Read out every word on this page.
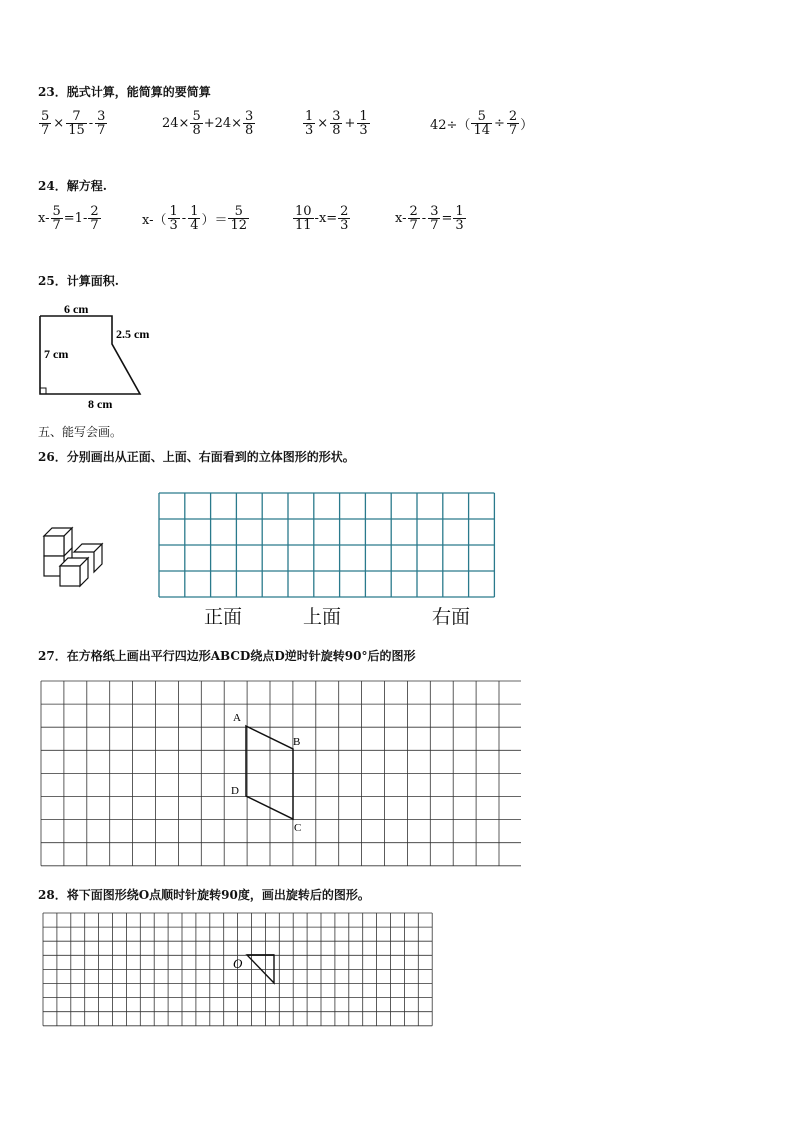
23．脱式计算，能简算的要简算
$\frac{5}{7} \times \frac{7}{15} - \frac{3}{7}$	$24\times \frac{5}{8} +24\times \frac{3}{8}$	$\frac{1}{3} \times \frac{3}{8} + \frac{1}{3}$	$42\div( \frac{5}{14} \div \frac{2}{7}$ ）
24．解方程.
$x- \frac{5}{7} =1- \frac{2}{7}$	$x-( \frac{1}{3} - \frac{1}{4}$ ）＝ $\frac{5}{12}$	$\frac{10}{11} -x= \frac{2}{3}$	$x- \frac{2}{7} - \frac{3}{7} = \frac{1}{3}$
25．计算面积.
6 cm
2.5 cm
7 cm
8 cm
五、能写会画。
26．分别画出从正面、上面、右面看到的立体图形的形状。
正面	上面	右面
27．在方格纸上画出平行四边形ABCD绕点D逆时针旋转90°后的图形
A
B
D
C
28．将下面图形绕O点顺时针旋转90度，画出旋转后的图形。
O
